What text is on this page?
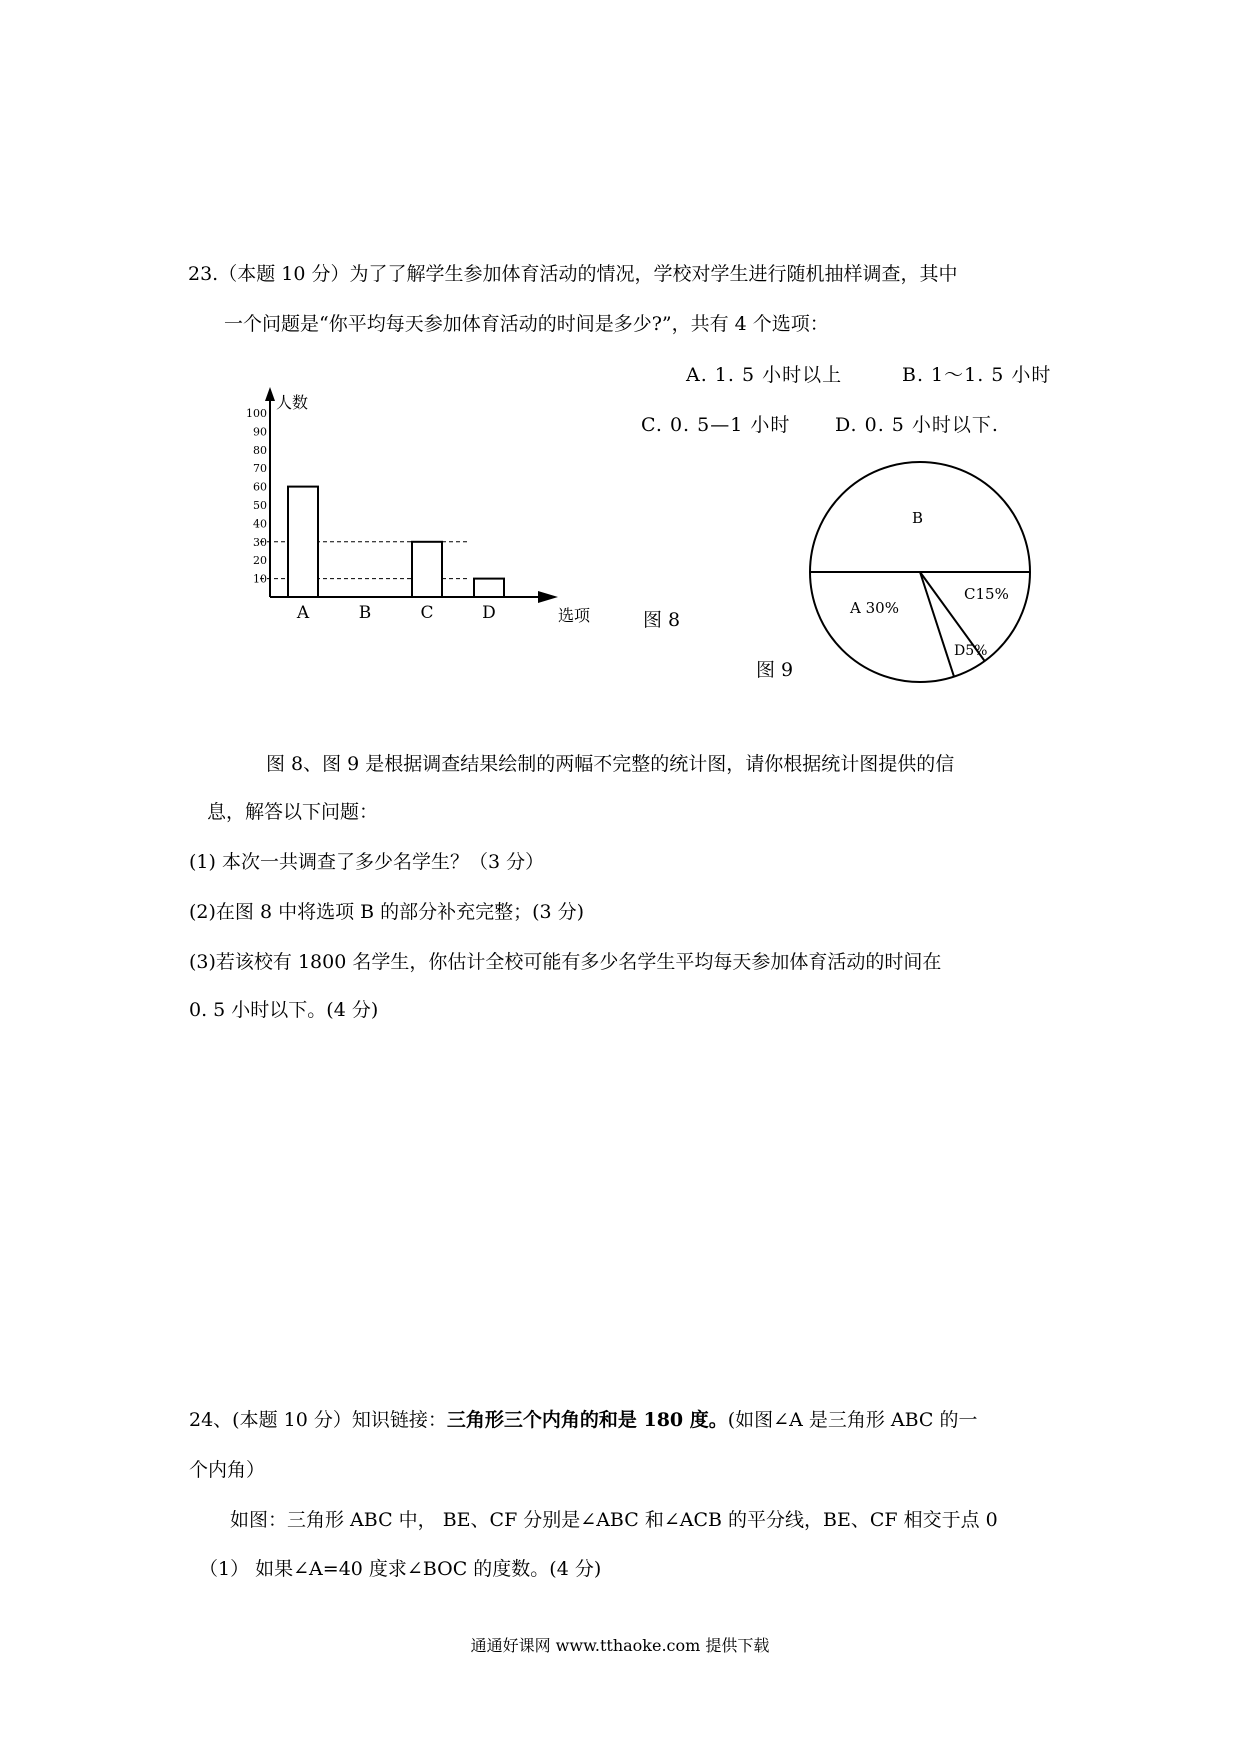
23.（本题 10 分）为了了解学生参加体育活动的情况，学校对学生进行随机抽样调查，其中
一个问题是“你平均每天参加体育活动的时间是多少?”，共有 4 个选项：
A. 1. 5 小时以上	B. 1～1. 5 小时
C. 0. 5—1 小时 D. 0. 5 小时以下.
人数
选项
10
20
30
40
50
60
70
80
90
100
A	B	C	D	图 8
B
C15%
D5%
A 30%
图 9
图 8、图 9 是根据调查结果绘制的两幅不完整的统计图，请你根据统计图提供的信
息，解答以下问题：
(1) 本次一共调查了多少名学生？（3 分）
(2)在图 8 中将选项 B 的部分补充完整；(3 分)
(3)若该校有 1800 名学生，你估计全校可能有多少名学生平均每天参加体育活动的时间在
0. 5 小时以下。(4 分)
24、(本题 10 分）知识链接：三角形三个内角的和是 180 度。(如图∠A 是三角形 ABC 的一
个内角）
如图：三角形 ABC 中， BE、CF 分别是∠ABC 和∠ACB 的平分线，BE、CF 相交于点 0
（1） 如果∠A=40 度求∠BOC 的度数。(4 分)
通通好课网 www.tthaoke.com 提供下载
